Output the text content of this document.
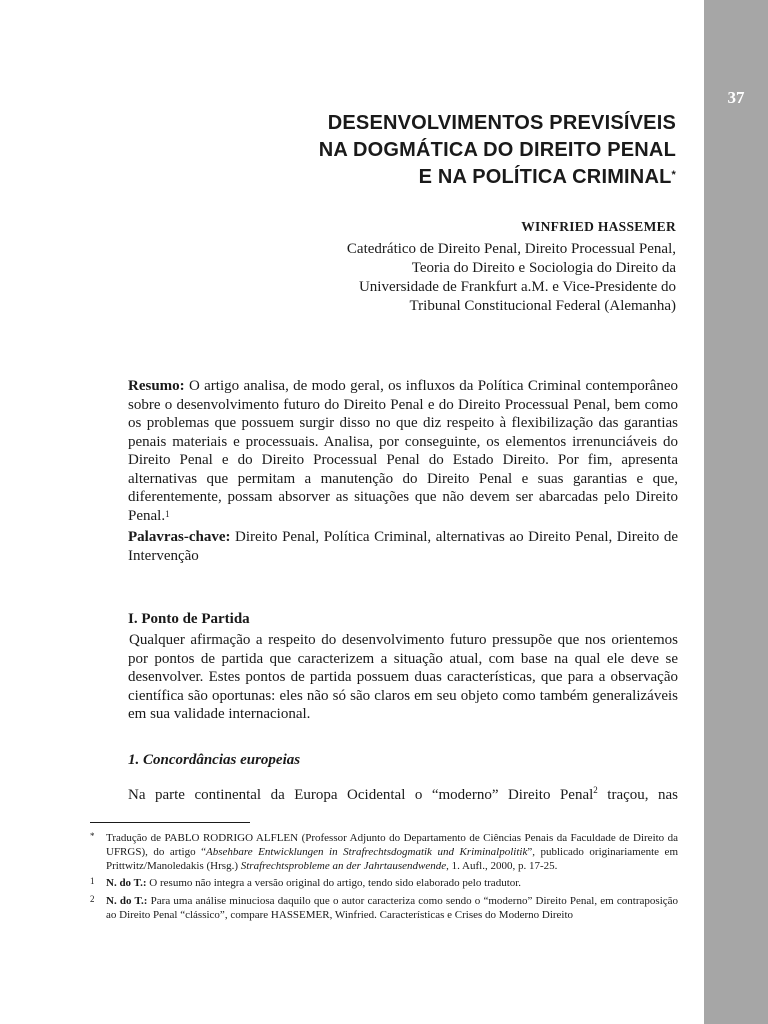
37
DESENVOLVIMENTOS PREVISÍVEIS
NA DOGMÁTICA DO DIREITO PENAL
E NA POLÍTICA CRIMINAL*
WINFRIED HASSEMER
Catedrático de Direito Penal, Direito Processual Penal, Teoria do Direito e Sociologia do Direito da Universidade de Frankfurt a.M. e Vice-Presidente do Tribunal Constitucional Federal (Alemanha)
Resumo: O artigo analisa, de modo geral, os influxos da Política Criminal contemporâneo sobre o desenvolvimento futuro do Direito Penal e do Direito Processual Penal, bem como os problemas que possuem surgir disso no que diz respeito à flexibilização das garantias penais materiais e processuais. Analisa, por conseguinte, os elementos irrenunciáveis do Direito Penal e do Direito Processual Penal do Estado Direito. Por fim, apresenta alternativas que permitam a manutenção do Direito Penal e suas garantias e que, diferentemente, possam absorver as situações que não devem ser abarcadas pelo Direito Penal.$^1$
Palavras-chave: Direito Penal, Política Criminal, alternativas ao Direito Penal, Direito de Intervenção
I. Ponto de Partida
Qualquer afirmação a respeito do desenvolvimento futuro pressupõe que nos orientemos por pontos de partida que caracterizem a situação atual, com base na qual ele deve se desenvolver. Estes pontos de partida possuem duas características, que para a observação científica são oportunas: eles não só são claros em seu objeto como também generalizáveis em sua validade internacional.
1. Concordâncias europeias
Na parte continental da Europa Ocidental o “moderno” Direito Penal$^2$ traçou, nas
* Tradução de PABLO RODRIGO ALFLEN (Professor Adjunto do Departamento de Ciências Penais da Faculdade de Direito da UFRGS), do artigo “Absehbare Entwicklungen in Strafrechtsdogmatik und Kriminalpolitik”, publicado originariamente em Prittwitz/Manoledakis (Hrsg.) Strafrechtsprobleme an der Jahrtausendwende, 1. Aufl., 2000, p. 17-25.
1 N. do T.: O resumo não integra a versão original do artigo, tendo sido elaborado pelo tradutor.
2 N. do T.: Para uma análise minuciosa daquilo que o autor caracteriza como sendo o “moderno” Direito Penal, em contraposição ao Direito Penal “clássico”, compare HASSEMER, Winfried. Características e Crises do Moderno Direito
